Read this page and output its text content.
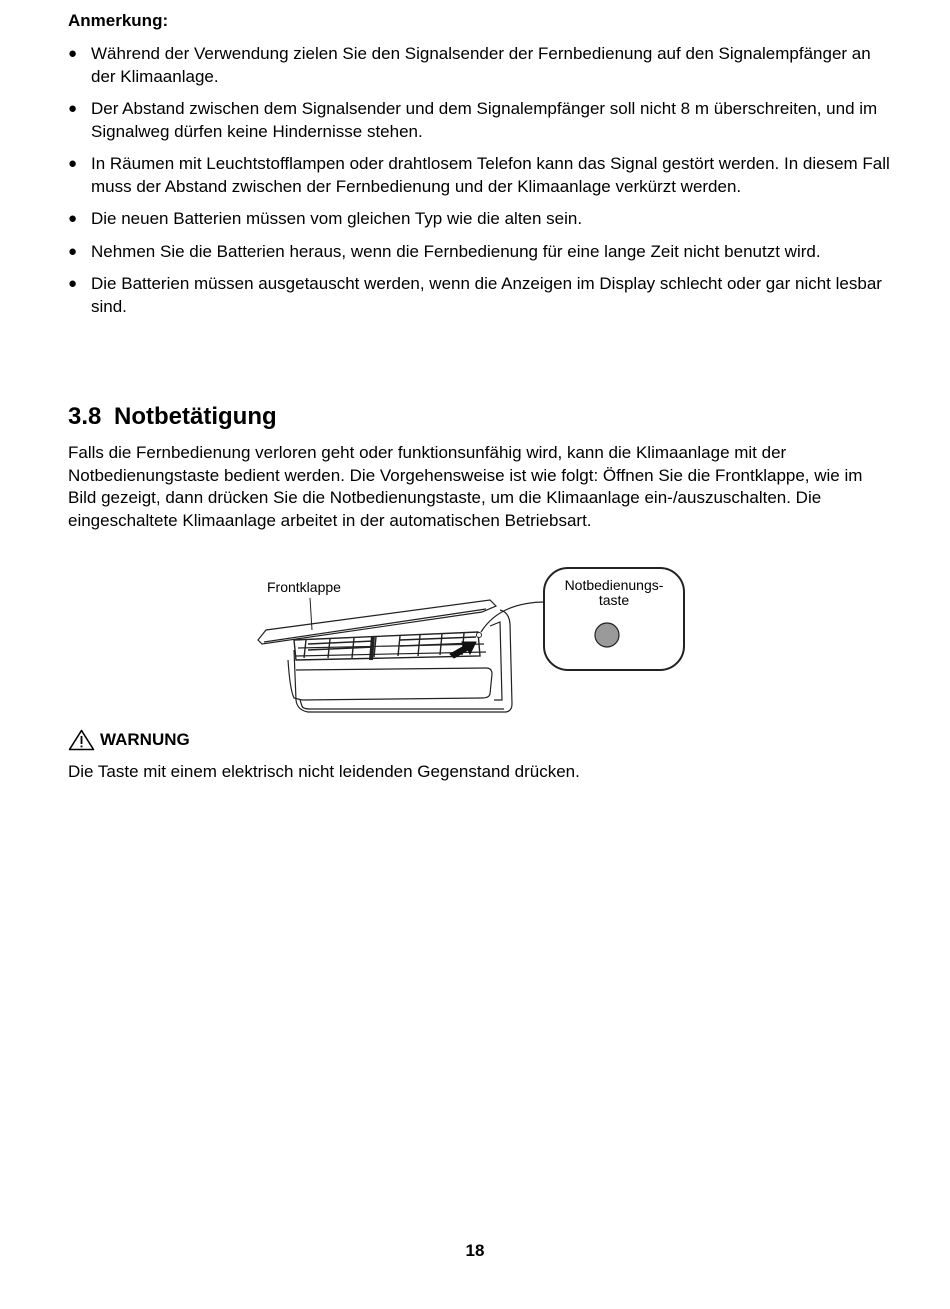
Anmerkung:
● Während der Verwendung zielen Sie den Signalsender der Fernbedienung auf den Signalempfänger an der Klimaanlage.
● Der Abstand zwischen dem Signalsender und dem Signalempfänger soll nicht 8 m überschreiten, und im Signalweg dürfen keine Hindernisse stehen.
● In Räumen mit Leuchtstofflampen oder drahtlosem Telefon kann das Signal gestört werden. In diesem Fall muss der Abstand zwischen der Fernbedienung und der Klimaanlage verkürzt werden.
● Die neuen Batterien müssen vom gleichen Typ wie die alten sein.
● Nehmen Sie die Batterien heraus, wenn die Fernbedienung für eine lange Zeit nicht benutzt wird.
● Die Batterien müssen ausgetauscht werden, wenn die Anzeigen im Display schlecht oder gar nicht lesbar sind.
3.8 Notbetätigung
Falls die Fernbedienung verloren geht oder funktionsunfähig wird, kann die Klimaanlage mit der Notbedienungstaste bedient werden. Die Vorgehensweise ist wie folgt: Öffnen Sie die Frontklappe, wie im Bild gezeigt, dann drücken Sie die Notbedienungstaste, um die Klimaanlage ein-/auszuschalten. Die eingeschaltete Klimaanlage arbeitet in der automatischen Betriebsart.
Frontklappe	Notbedienungs-
taste
WARNUNG
Die Taste mit einem elektrisch nicht leidenden Gegenstand drücken.
18
